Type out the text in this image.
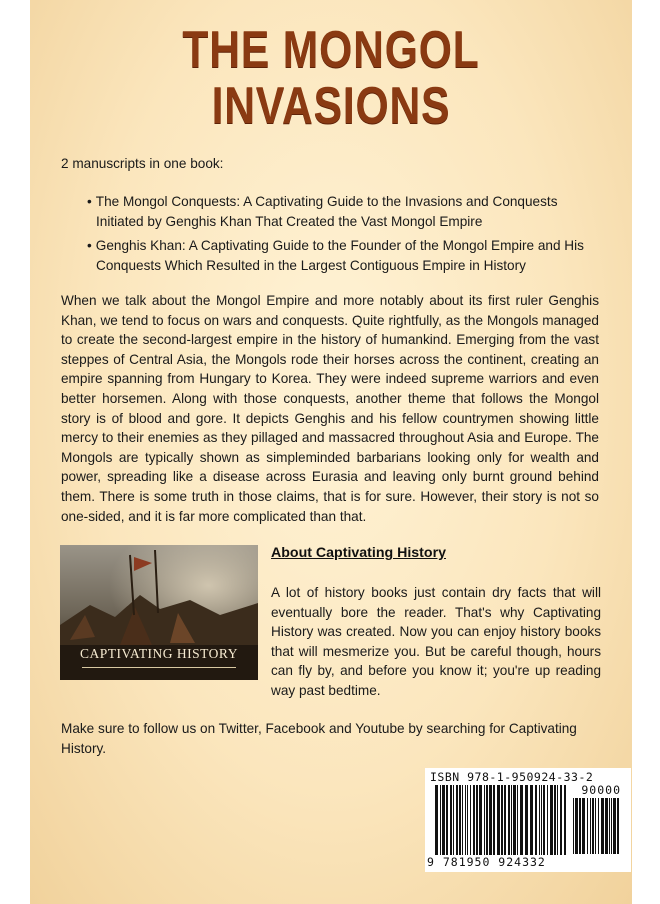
THE MONGOL
INVASIONS
2 manuscripts in one book:
• The Mongol Conquests: A Captivating Guide to the Invasions and Conquests Initiated by Genghis Khan That Created the Vast Mongol Empire
• Genghis Khan: A Captivating Guide to the Founder of the Mongol Empire and His Conquests Which Resulted in the Largest Contiguous Empire in History
When we talk about the Mongol Empire and more notably about its first ruler Genghis Khan, we tend to focus on wars and conquests. Quite rightfully, as the Mongols managed to create the second-largest empire in the history of humankind. Emerging from the vast steppes of Central Asia, the Mongols rode their horses across the continent, creating an empire spanning from Hungary to Korea. They were indeed supreme warriors and even better horsemen. Along with those conquests, another theme that follows the Mongol story is of blood and gore. It depicts Genghis and his fellow countrymen showing little mercy to their enemies as they pillaged and massacred throughout Asia and Europe. The Mongols are typically shown as simpleminded barbarians looking only for wealth and power, spreading like a disease across Eurasia and leaving only burnt ground behind them. There is some truth in those claims, that is for sure. However, their story is not so one-sided, and it is far more complicated than that.
CAPTIVATING HISTORY
About Captivating History
A lot of history books just contain dry facts that will eventually bore the reader. That's why Captivating History was created. Now you can enjoy history books that will mesmerize you. But be careful though, hours can fly by, and before you know it; you're up reading way past bedtime.
Make sure to follow us on Twitter, Facebook and Youtube by searching for Captivating History.
ISBN 978-1-950924-33-2
90000
9 781950 924332
